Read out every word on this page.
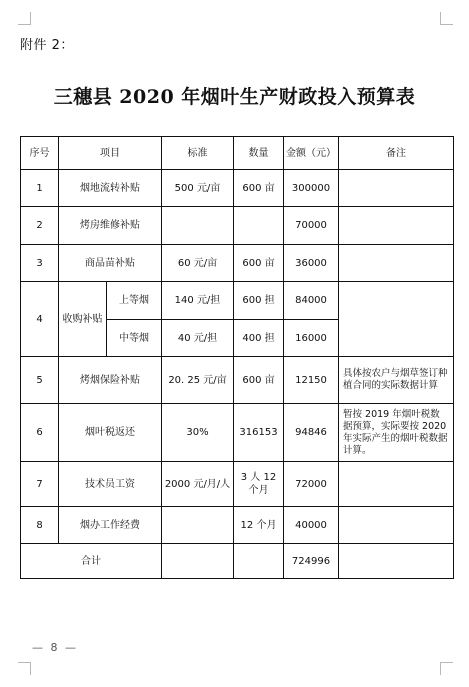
附件 2：
三穗县 2020 年烟叶生产财政投入预算表
序号	项目		标准	数量	金额（元）	备注
1	烟地流转补贴		500 元/亩	600 亩	300000	
2	烤房维修补贴				70000	
3	商品苗补贴		60 元/亩	600 亩	36000	
4	收购补贴	上等烟	140 元/担	600 担	84000	
		中等烟	40 元/担	400 担	16000	
5	烤烟保险补贴		20. 25 元/亩	600 亩	12150	具体按农户与烟草签订种植合同的实际数据计算
6	烟叶税返还		30%	316153	94846	暂按 2019 年烟叶税数据预算，实际要按 2020 年实际产生的烟叶税数据计算。
7	技术员工资		2000 元/月/人	3 人 12 个月	72000	
8	烟办工作经费			12 个月	40000	
合计					724996	
— 8 —
